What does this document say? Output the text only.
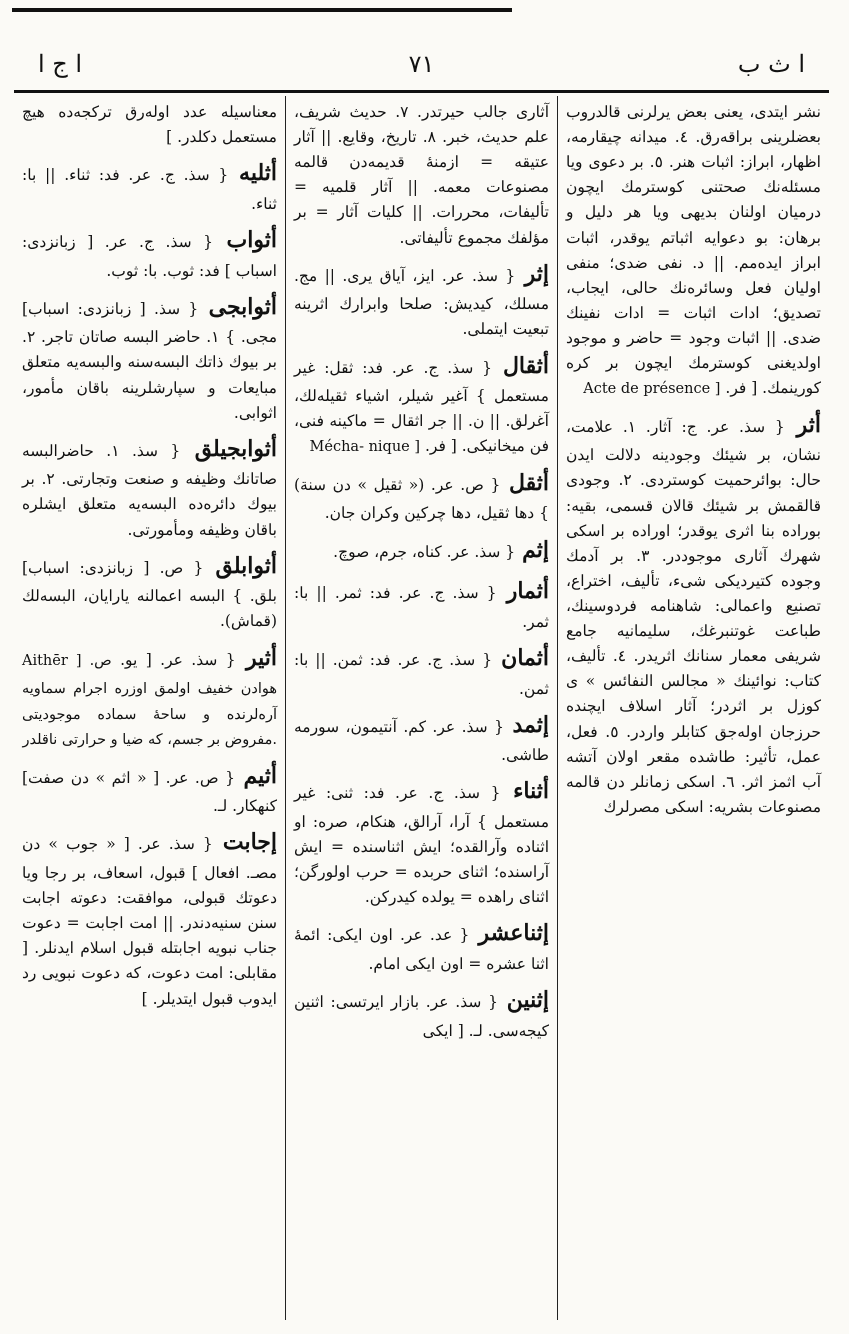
ا ث ب
٧١
ا ج ا

نشر ايتدى، يعنى بعض يرلرنى قالدروب بعضلرينى براقەرق. ٤. ميدانه چيقارمه، اظهار، ابراز: اثبات هنر. ٥. بر دعوى ويا مسئلەنك صحتنى كوسترمك ايچون درميان اولنان بديهى ويا هر دليل و برهان: بو دعوايه اثباتم يوقدر، اثبات ابراز ايدەمم. || د. نفى ضدى؛ منفى اوليان فعل وسائرەنك حالى، ايجاب، تصديق؛ ادات اثبات = ادات نفينك ضدى. || اثبات وجود = حاضر و موجود اولديغنى كوسترمك ايچون بر كره كورينمك. [ فر. Acte de présence ]

أثر { سذ. عر. ج: آثار. ١. علامت، نشان، بر شيئك وجودينه دلالت ايدن حال: بوائرحميت كوستردى. ٢. وجودى قالقمش بر شيئك قالان قسمى، بقيه: بوراده بنا اثرى يوقدر؛ اوراده بر اسكى شهرك آثارى موجوددر. ٣. بر آدمك وجوده كتيرديكى شىء، تأليف، اختراع، تصنيع واعمالى: شاهنامه فردوسينك، طباعت غوتنبرغك، سليمانيه جامع شريفى معمار سنانك اثريدر. ٤. تأليف، كتاب: نوائينك « مجالس النفائس » ى كوزل بر اثردر؛ آثار اسلاف ايچنده حرزجان اولەجق كتابلر واردر. ٥. فعل، عمل، تأثير: طاشده مقعر اولان آتشه آب اثمز اثر. ٦. اسكى زمانلر دن قالمه مصنوعات بشريه: اسكى مصرلرك

آثارى جالب حيرتدر. ٧. حديث شريف، علم حديث، خبر. ٨. تاريخ، وقايع. || آثار عتيقه = ازمنهٔ قديمەدن قالمه مصنوعات معمه. || آثار قلميه = تأليفات، محررات. || كليات آثار = بر مؤلفك مجموع تأليفاتى.

إثر { سذ. عر. ايز، آياق يرى. || مج. مسلك، كيديش: صلحا وابرارك اثرينه تبعيت ايتملى.

أثقال { سذ. ج. عر. فد: ثقل: غير مستعمل } آغير شيلر، اشياء ثقيلەلك، آغرلق. || ن. || جر اثقال = ماكينه فنى، فن ميخانيكى. [ فر. Mécha- nique ]

أثقل { ص. عر. (« ثقيل » دن سنة) } دها ثقيل، دها چركين وكران جان.

إثم { سذ. عر. كناه، جرم، صوچ.

أثمار { سذ. ج. عر. فد: ثمر. || با: ثمر.

أثمان { سذ. ج. عر. فد: ثمن. || با: ثمن.

إثمد { سذ. عر. كم. آنتيمون، سورمه طاشى.

أثناء { سذ. ج. عر. فد: ثنى: غير مستعمل } آرا، آرالق، هنكام، صره: او اثناده وآرالقده؛ ايش اثناسندە = ايش آراسنده؛ اثناى حربده = حرب اولورگن؛ اثناى راهده = يولده كيدركن.

إثناعشر { عد. عر. اون ايكى: ائمهٔ اثنا عشره = اون ايكى امام.

إثنين { سذ. عر. بازار ايرتسى: اثنين كيجەسى. لـ. [ ايكى

معناسيله عدد اولەرق تركجەده هيچ مستعمل دكلدر. ]

أثليه { سذ. ج. عر. فد: ثناء. || با: ثناء.

أثواب { سذ. ج. عر. [ زبانزدى: اسباب ] فد: ثوب. با: ثوب.

أثوابجى { سذ. [ زبانزدى: اسباب] مجى. } ١. حاضر البسه صاتان تاجر. ٢. بر بيوك ذاتك البسەسنه والبسەيه متعلق مبايعات و سپارشلرينه باقان مأمور، اثوابى.

أثوابجيلق { سذ. ١. حاضرالبسه صاتانك وظيفه و صنعت وتجارتى. ٢. بر بيوك دائرەده البسەيه متعلق ايشلره باقان وظيفه ومأمورتى.

أثوابلق { ص. [ زبانزدى: اسباب] بلق. } البسه اعمالنه يارايان، البسەلك (قماش).

أثير { سذ. عر. [ يو. Aithēr ] ص. هوادن خفيف اولمق اوزره اجرام سماويه آرەلرنده و ساحهٔ سماده موجوديتى مفروض بر جسم، كه ضيا و حرارتى ناقلدر.

أثيم { ص. عر. [ « اثم » دن صفت] كنهكار. لـ.

إجابت { سذ. عر. [ « جوب » دن مصـ. افعال ] قبول، اسعاف، بر رجا ويا دعوتك قبولى، موافقت: دعوته اجابت سنن سنيەدندر. || امت اجابت = دعوت جناب نبويه اجابتله قبول اسلام ايدنلر. [ مقابلى: امت دعوت، كه دعوت نبويى رد ايدوب قبول ايتديلر. ]
